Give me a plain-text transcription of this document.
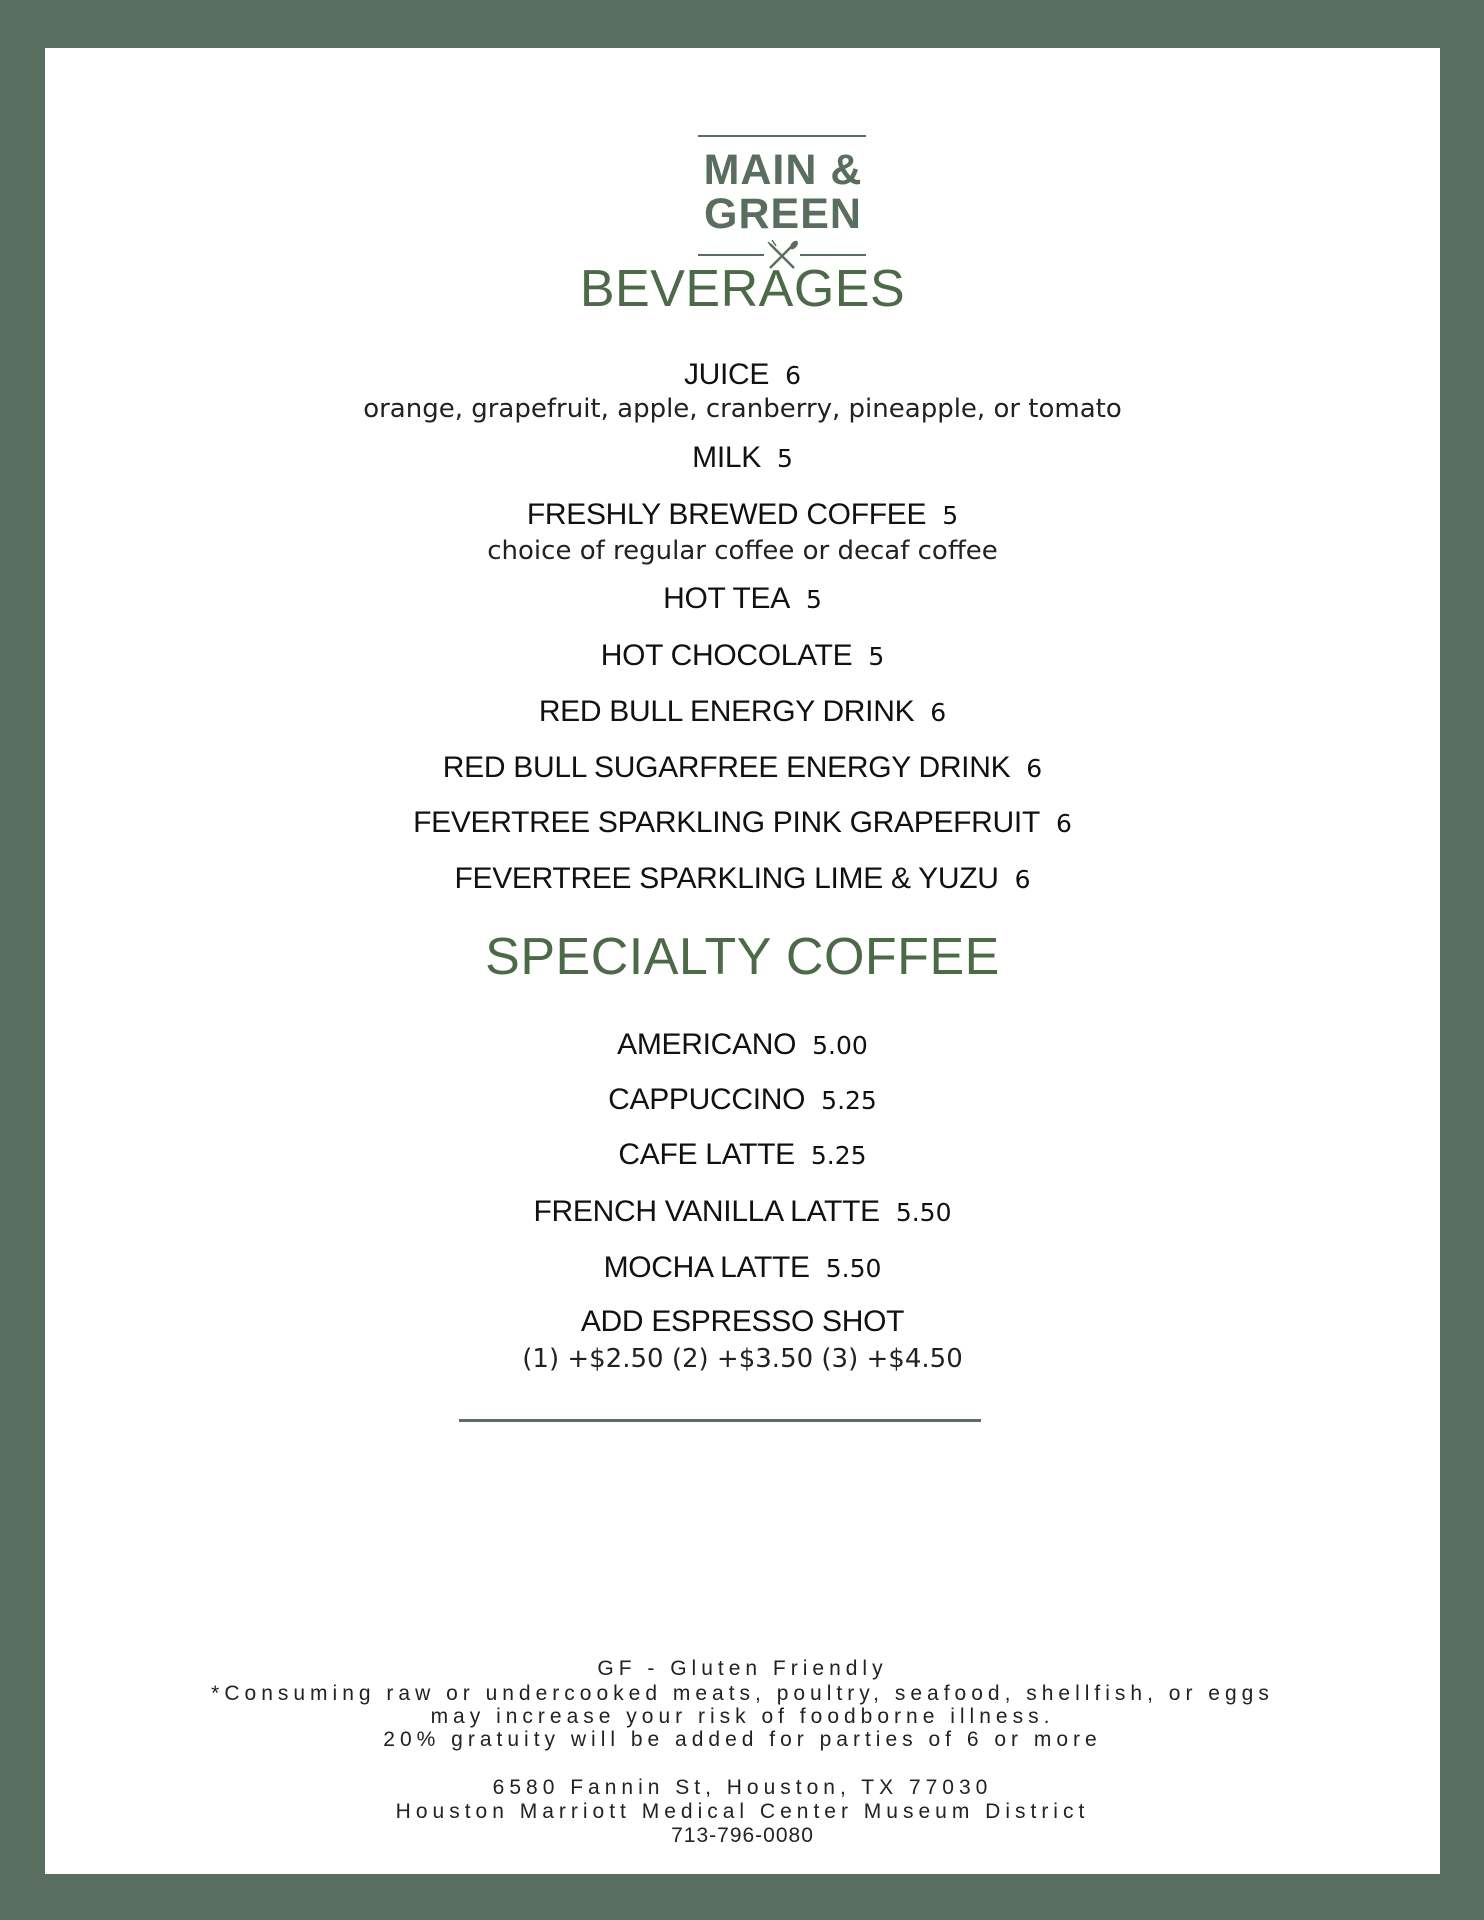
MAIN &
GREEN
BEVERAGES
JUICE 6
orange, grapefruit, apple, cranberry, pineapple, or tomato
MILK 5
FRESHLY BREWED COFFEE 5
choice of regular coffee or decaf coffee
HOT TEA 5
HOT CHOCOLATE 5
RED BULL ENERGY DRINK 6
RED BULL SUGARFREE ENERGY DRINK 6
FEVERTREE SPARKLING PINK GRAPEFRUIT 6
FEVERTREE SPARKLING LIME & YUZU 6
SPECIALTY COFFEE
AMERICANO 5.00
CAPPUCCINO 5.25
CAFE LATTE 5.25
FRENCH VANILLA LATTE 5.50
MOCHA LATTE 5.50
ADD ESPRESSO SHOT
(1) +$2.50 (2) +$3.50 (3) +$4.50
GF - Gluten Friendly
*Consuming raw or undercooked meats, poultry, seafood, shellfish, or eggs
may increase your risk of foodborne illness.
20% gratuity will be added for parties of 6 or more
6580 Fannin St, Houston, TX 77030
Houston Marriott Medical Center Museum District
713-796-0080
